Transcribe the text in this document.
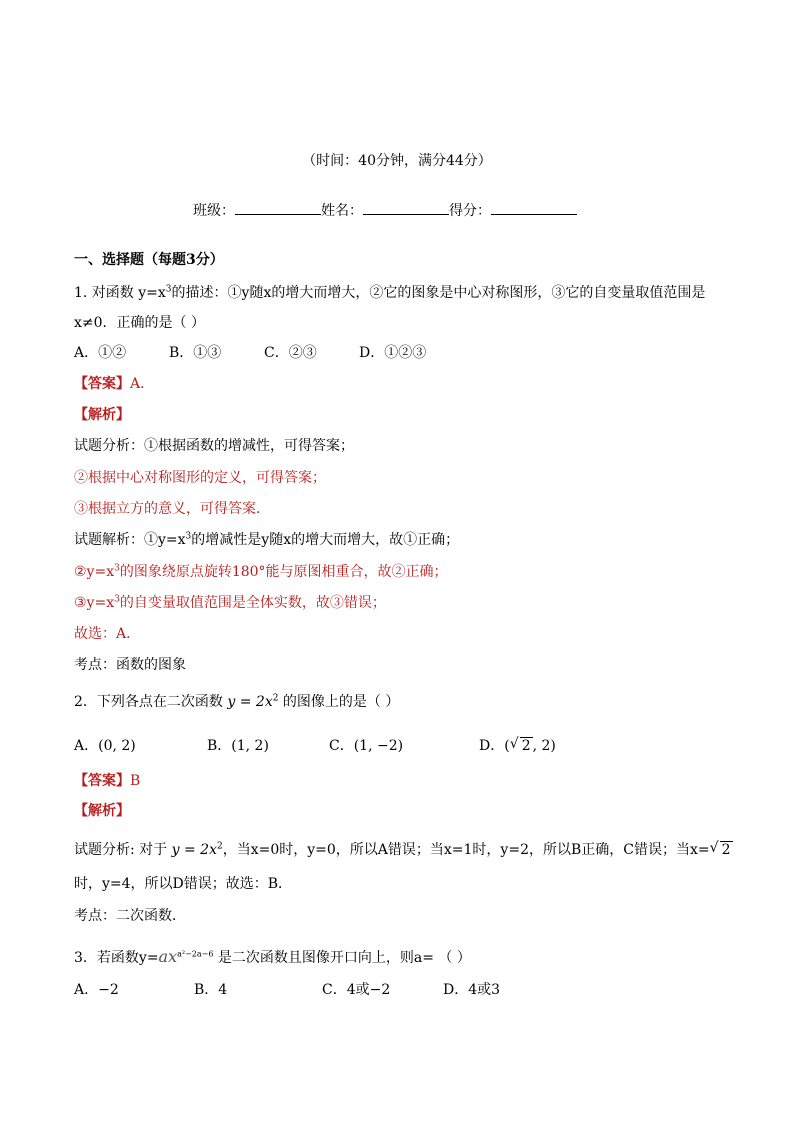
（时间：40分钟，满分44分）
班级：	姓名：	得分：
一、选择题（每题3分）
1. 对函数 $y=x^3$的描述：①y随x的增大而增大，②它的图象是中心对称图形，③它的自变量取值范围是
x≠0．正确的是（ ）
A．①②	B．①③	C．②③	D．①②③
【答案】A．
【解析】
试题分析：①根据函数的增减性，可得答案；
②根据中心对称图形的定义，可得答案；
③根据立方的意义，可得答案．
试题解析：$①y=x^3$的增减性是y随x的增大而增大，故①正确；
$②y=x^3$的图象绕原点旋转180°能与原图相重合，故②正确；
$③y=x^3$的自变量取值范围是全体实数，故③错误；
故选：A．
考点：函数的图象
2．下列各点在二次函数 $y = 2x^2$ 的图像上的是（ ）
A．(0, 2)	B．(1, 2)	C．(1, −2)	D．( √ 2 , 2)
【答案】B
【解析】
试题分析: 对于 $y = 2x^2$，当x=0时，y=0，所以A错误；当x=1时，y=2，所以B正确，C错误；当x= √ 2
时，y=4，所以D错误；故选：B．
考点：二次函数．
3．若函数$y=ax^{a^2-2a-6}$ 是二次函数且图像开口向上，则a= （ ）
A．−2	B．4	C．4或−2	D．4或3
